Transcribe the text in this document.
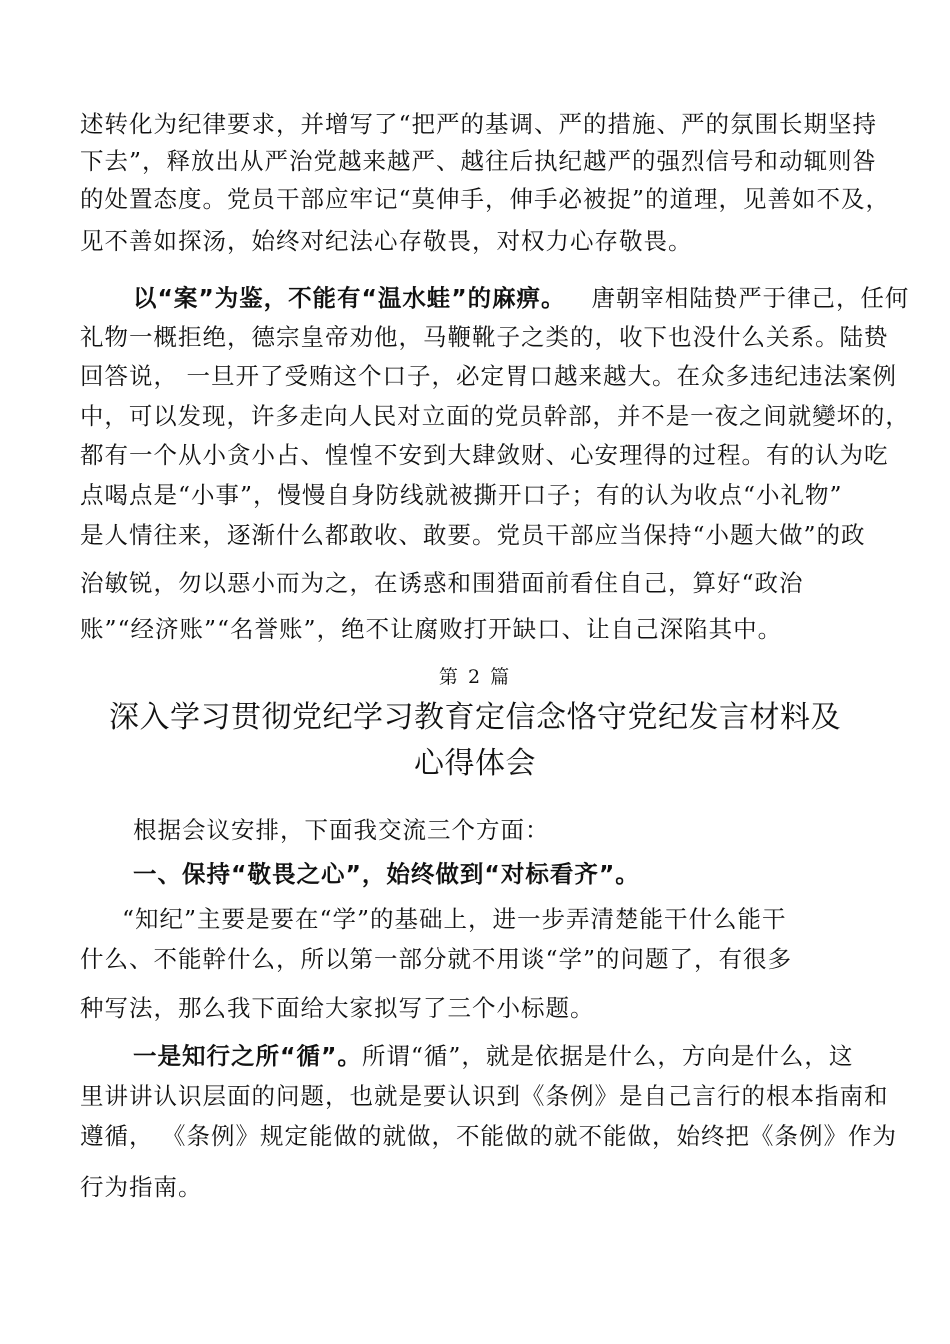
述转化为纪律要求，并增写了“把严的基调、严的措施、严的氛围长期坚持
下去”，释放出从严治党越来越严、越往后执纪越严的强烈信号和动辄则咎
的处置态度。党员干部应牢记“莫伸手，伸手必被捉”的道理，见善如不及，
见不善如探汤，始终对纪法心存敬畏，对权力心存敬畏。
以“案”为鉴，不能有“温水蛙”的麻痹。 唐朝宰相陆贽严于律己，任何
礼物一概拒绝，德宗皇帝劝他，马鞭靴子之类的，收下也没什么关系。陆贽
回答说， 一旦开了受贿这个口子，必定胃口越来越大。在众多违纪违法案例
中，可以发现，许多走向人民对立面的党员幹部，并不是一夜之间就變坏的，
都有一个从小贪小占、惶惶不安到大肆敛财、心安理得的过程。有的认为吃
点喝点是“小事”，慢慢自身防线就被撕开口子；有的认为收点“小礼物”
是人情往来，逐渐什么都敢收、敢要。党员干部应当保持“小题大做”的政
治敏锐，勿以惡小而为之，在诱惑和围猎面前看住自己，算好“政治
账”“经济账”“名誉账”，绝不让腐败打开缺口、让自己深陷其中。
第 2 篇
深入学习贯彻党纪学习教育定信念恪守党纪发言材料及
心得体会
根据会议安排，下面我交流三个方面：
一、保持“敬畏之心”，始终做到“对标看齐”。
“知纪”主要是要在“学”的基础上，进一步弄清楚能干什么能干
什么、不能幹什么，所以第一部分就不用谈“学”的问题了，有很多
种写法，那么我下面给大家拟写了三个小标题。
一是知行之所“循”。所谓“循”，就是依据是什么，方向是什么，这
里讲讲认识层面的问题，也就是要认识到《条例》是自己言行的根本指南和
遵循， 《条例》规定能做的就做，不能做的就不能做，始终把《条例》作为
行为指南。
